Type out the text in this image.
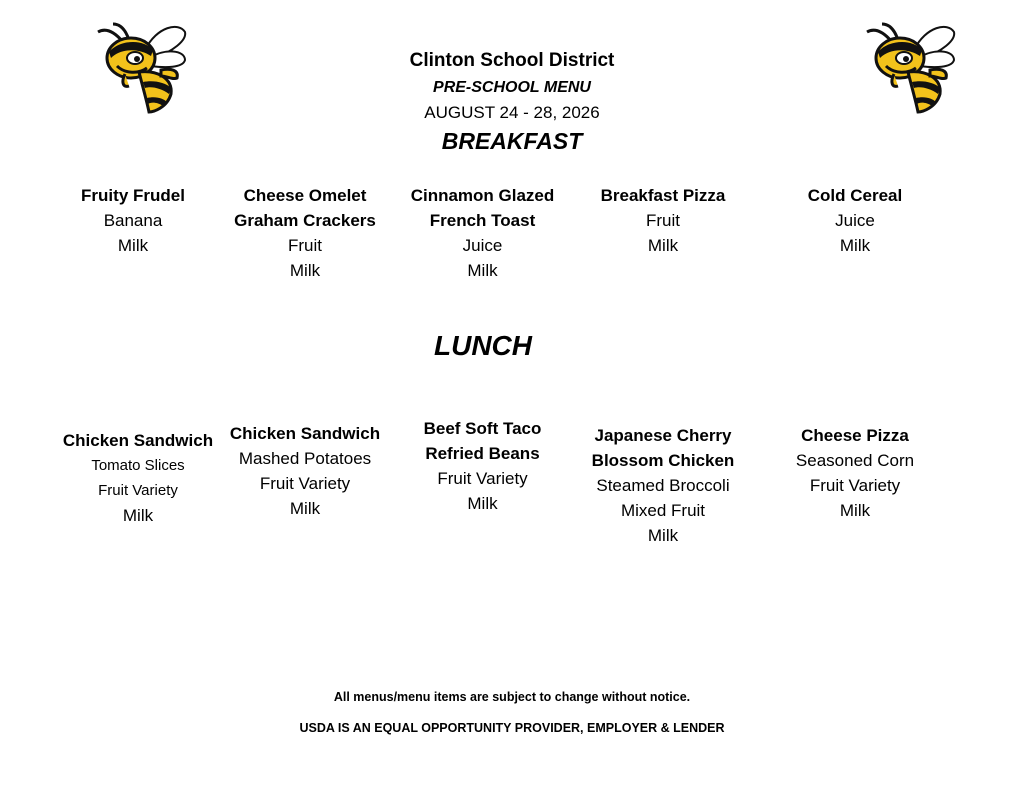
Clinton School District
PRE-SCHOOL MENU
AUGUST 24 - 28, 2026
BREAKFAST
Fruity Frudel
Banana
Milk
Cheese Omelet
Graham Crackers
Fruit
Milk
Cinnamon Glazed
French Toast
Juice
Milk
Breakfast Pizza
Fruit
Milk
Cold Cereal
Juice
Milk
LUNCH
Chicken Sandwich
Tomato Slices
Fruit Variety
Milk
Chicken Sandwich
Mashed Potatoes
Fruit Variety
Milk
Beef Soft Taco
Refried Beans
Fruit Variety
Milk
Japanese Cherry
Blossom Chicken
Steamed Broccoli
Mixed Fruit
Milk
Cheese Pizza
Seasoned Corn
Fruit Variety
Milk
All menus/menu items are subject to change without notice.
USDA IS AN EQUAL OPPORTUNITY PROVIDER, EMPLOYER & LENDER
